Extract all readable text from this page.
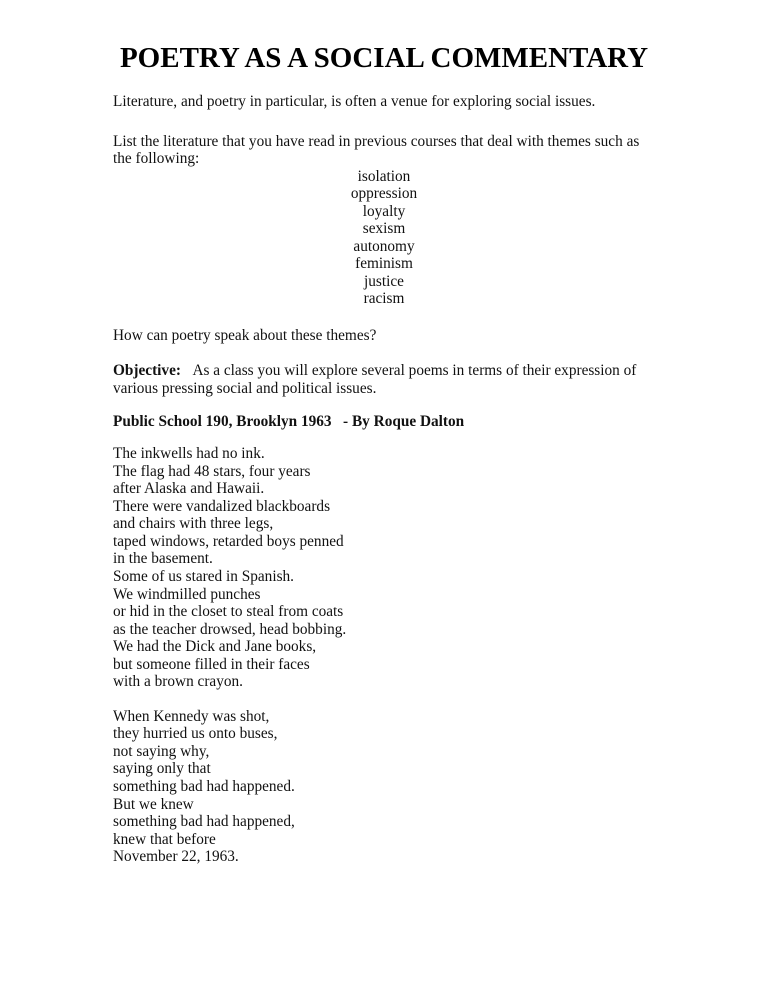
POETRY AS A SOCIAL COMMENTARY

Literature, and poetry in particular, is often a venue for exploring social issues.

List the literature that you have read in previous courses that deal with themes such as the following:

isolation
oppression
loyalty
sexism
autonomy
feminism
justice
racism

How can poetry speak about these themes?

Objective: As a class you will explore several poems in terms of their expression of various pressing social and political issues.

Public School 190, Brooklyn 1963   - By Roque Dalton

The inkwells had no ink.
The flag had 48 stars, four years
after Alaska and Hawaii.
There were vandalized blackboards
and chairs with three legs,
taped windows, retarded boys penned
in the basement.
Some of us stared in Spanish.
We windmilled punches
or hid in the closet to steal from coats
as the teacher drowsed, head bobbing.
We had the Dick and Jane books,
but someone filled in their faces
with a brown crayon.
When Kennedy was shot,
they hurried us onto buses,
not saying why,
saying only that
something bad had happened.
But we knew
something bad had happened,
knew that before
November 22, 1963.
